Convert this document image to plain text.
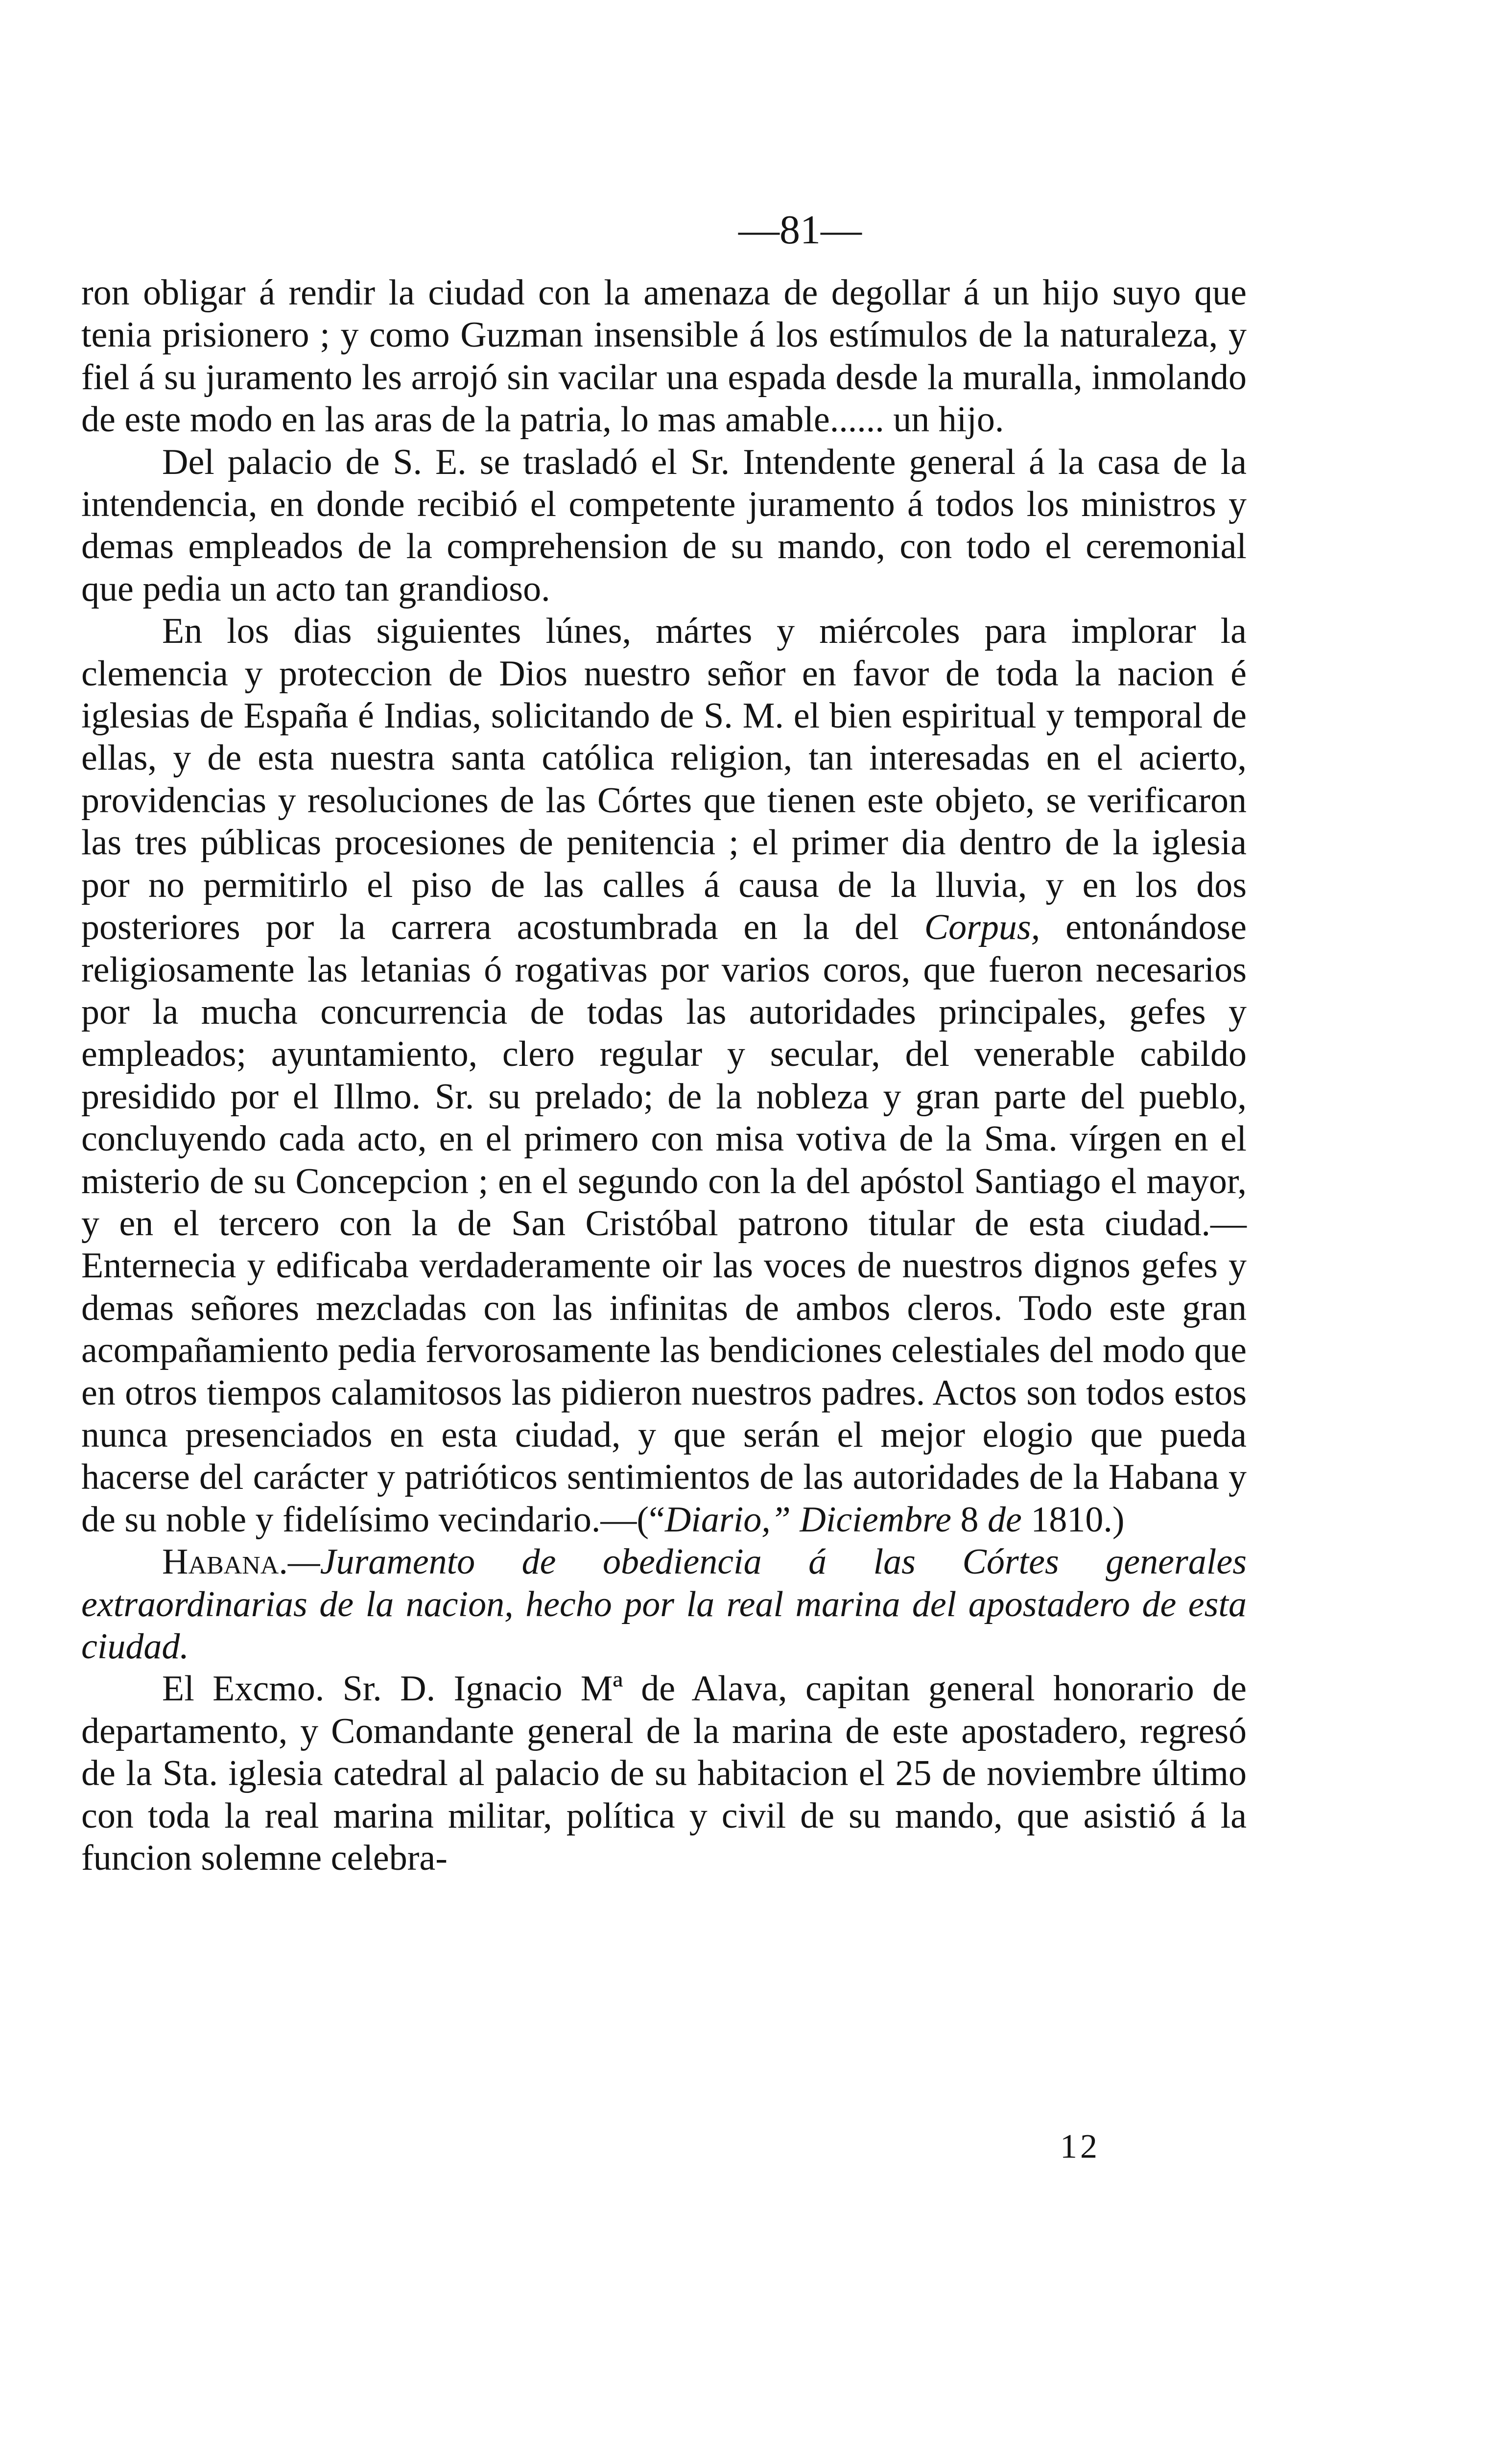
—81—

ron obligar á rendir la ciudad con la amenaza de degollar á un hijo suyo que tenia prisionero ; y como Guzman insensible á los estímulos de la naturaleza, y fiel á su juramento les arrojó sin vacilar una espada desde la muralla, inmolando de este modo en las aras de la patria, lo mas amable...... un hijo.

Del palacio de S. E. se trasladó el Sr. Intendente general á la casa de la intendencia, en donde recibió el competente juramento á todos los ministros y demas empleados de la comprehension de su mando, con todo el ceremonial que pedia un acto tan grandioso.

En los dias siguientes lúnes, mártes y miércoles para implorar la clemencia y proteccion de Dios nuestro señor en favor de toda la nacion é iglesias de España é Indias, solicitando de S. M. el bien espiritual y temporal de ellas, y de esta nuestra santa católica religion, tan interesadas en el acierto, providencias y resoluciones de las Córtes que tienen este objeto, se verificaron las tres públicas procesiones de penitencia ; el primer dia dentro de la iglesia por no permitirlo el piso de las calles á causa de la lluvia, y en los dos posteriores por la carrera acostumbrada en la del Corpus, entonándose religiosamente las letanias ó rogativas por varios coros, que fueron necesarios por la mucha concurrencia de todas las autoridades principales, gefes y empleados; ayuntamiento, clero regular y secular, del venerable cabildo presidido por el Illmo. Sr. su prelado; de la nobleza y gran parte del pueblo, concluyendo cada acto, en el primero con misa votiva de la Sma. vírgen en el misterio de su Concepcion ; en el segundo con la del apóstol Santiago el mayor, y en el tercero con la de San Cristóbal patrono titular de esta ciudad.—Enternecia y edificaba verdaderamente oir las voces de nuestros dignos gefes y demas señores mezcladas con las infinitas de ambos cleros. Todo este gran acompañamiento pedia fervorosamente las bendiciones celestiales del modo que en otros tiempos calamitosos las pidieron nuestros padres. Actos son todos estos nunca presenciados en esta ciudad, y que serán el mejor elogio que pueda hacerse del carácter y patrióticos sentimientos de las autoridades de la Habana y de su noble y fidelísimo vecindario.—(“Diario,” Diciembre 8 de 1810.)

Habana.—Juramento de obediencia á las Córtes generales extraordinarias de la nacion, hecho por la real marina del apostadero de esta ciudad.

El Excmo. Sr. D. Ignacio Mª de Alava, capitan general honorario de departamento, y Comandante general de la marina de este apostadero, regresó de la Sta. iglesia catedral al palacio de su habitacion el 25 de noviembre último con toda la real marina militar, política y civil de su mando, que asistió á la funcion solemne celebra-

12
